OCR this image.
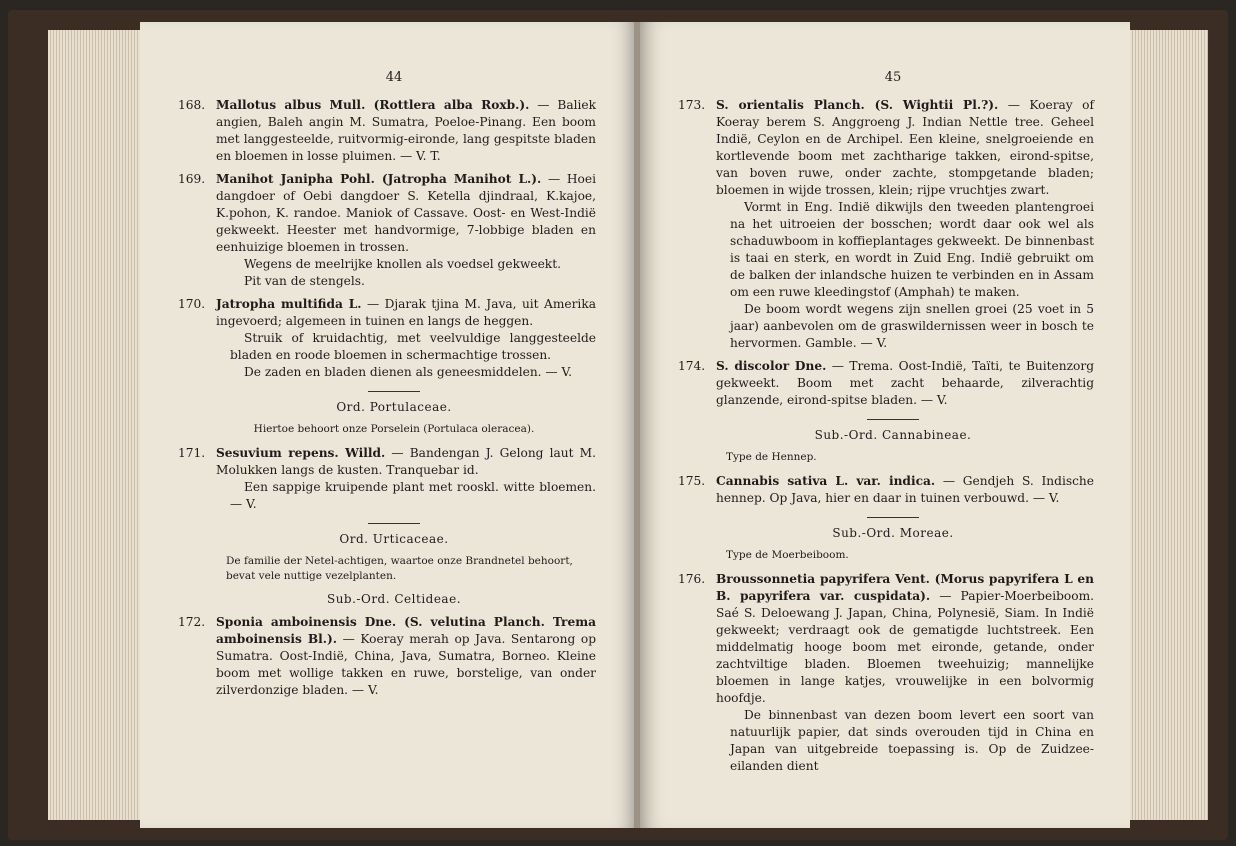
44
168. Mallotus albus Mull. (Rottlera alba Roxb.). — Baliek angien, Baleh angin M. Sumatra, Poeloe-Pinang. Een boom met langgesteelde, ruitvormig-eironde, lang gespitste bladen en bloemen in losse pluimen. — V. T.
169. Manihot Janipha Pohl. (Jatropha Manihot L.). — Hoei dangdoer of Oebi dangdoer S. Ketella djindraal, K.kajoe, K.pohon, K. randoe. Maniok of Cassave. Oost- en West-Indië gekweekt. Heester met handvormige, 7-lobbige bladen en eenhuizige bloemen in trossen.

Wegens de meelrijke knollen als voedsel gekweekt.

Pit van de stengels.

170. Jatropha multifida L. — Djarak tjina M. Java, uit Amerika ingevoerd; algemeen in tuinen en langs de heggen.

Struik of kruidachtig, met veelvuldige langgesteelde bladen en roode bloemen in schermachtige trossen.

De zaden en bladen dienen als geneesmiddelen. — V.

Ord. Portulaceae.
Hiertoe behoort onze Porselein (Portulaca oleracea).
171. Sesuvium repens. Willd. — Bandengan J. Gelong laut M. Molukken langs de kusten. Tranquebar id.

Een sappige kruipende plant met rooskl. witte bloemen. — V.

Ord. Urticaceae.
De familie der Netel-achtigen, waartoe onze Brandnetel behoort, bevat vele nuttige vezelplanten.
Sub.-Ord. Celtideae.
172. Sponia amboinensis Dne. (S. velutina Planch. Trema amboinensis Bl.). — Koeray merah op Java. Sentarong op Sumatra. Oost-Indië, China, Java, Sumatra, Borneo. Kleine boom met wollige takken en ruwe, borstelige, van onder zilverdonzige bladen. — V.
45
173. S. orientalis Planch. (S. Wightii Pl.?). — Koeray of Koeray berem S. Anggroeng J. Indian Nettle tree. Geheel Indië, Ceylon en de Archipel. Een kleine, snelgroeiende en kortlevende boom met zachtharige takken, eirond-spitse, van boven ruwe, onder zachte, stompgetande bladen; bloemen in wijde trossen, klein; rijpe vruchtjes zwart.

Vormt in Eng. Indië dikwijls den tweeden plantengroei na het uitroeien der bosschen; wordt daar ook wel als schaduwboom in koffieplantages gekweekt. De binnenbast is taai en sterk, en wordt in Zuid Eng. Indië gebruikt om de balken der inlandsche huizen te verbinden en in Assam om een ruwe kleedingstof (Amphah) te maken.

De boom wordt wegens zijn snellen groei (25 voet in 5 jaar) aanbevolen om de graswildernissen weer in bosch te hervormen. Gamble. — V.

174. S. discolor Dne. — Trema. Oost-Indië, Taïti, te Buitenzorg gekweekt. Boom met zacht behaarde, zilverachtig glanzende, eirond-spitse bladen. — V.
Sub.-Ord. Cannabineae.
Type de Hennep.
175. Cannabis sativa L. var. indica. — Gendjeh S. Indische hennep. Op Java, hier en daar in tuinen verbouwd. — V.
Sub.-Ord. Moreae.
Type de Moerbeiboom.
176. Broussonnetia papyrifera Vent. (Morus papyrifera L en B. papyrifera var. cuspidata). — Papier-Moerbeiboom. Saé S. Deloewang J. Japan, China, Polynesië, Siam. In Indië gekweekt; verdraagt ook de gematigde luchtstreek. Een middelmatig hooge boom met eironde, getande, onder zachtviltige bladen. Bloemen tweehuizig; mannelijke bloemen in lange katjes, vrouwelijke in een bolvormig hoofdje.

De binnenbast van dezen boom levert een soort van natuurlijk papier, dat sinds overouden tijd in China en Japan van uitgebreide toepassing is. Op de Zuidzee-eilanden dient
